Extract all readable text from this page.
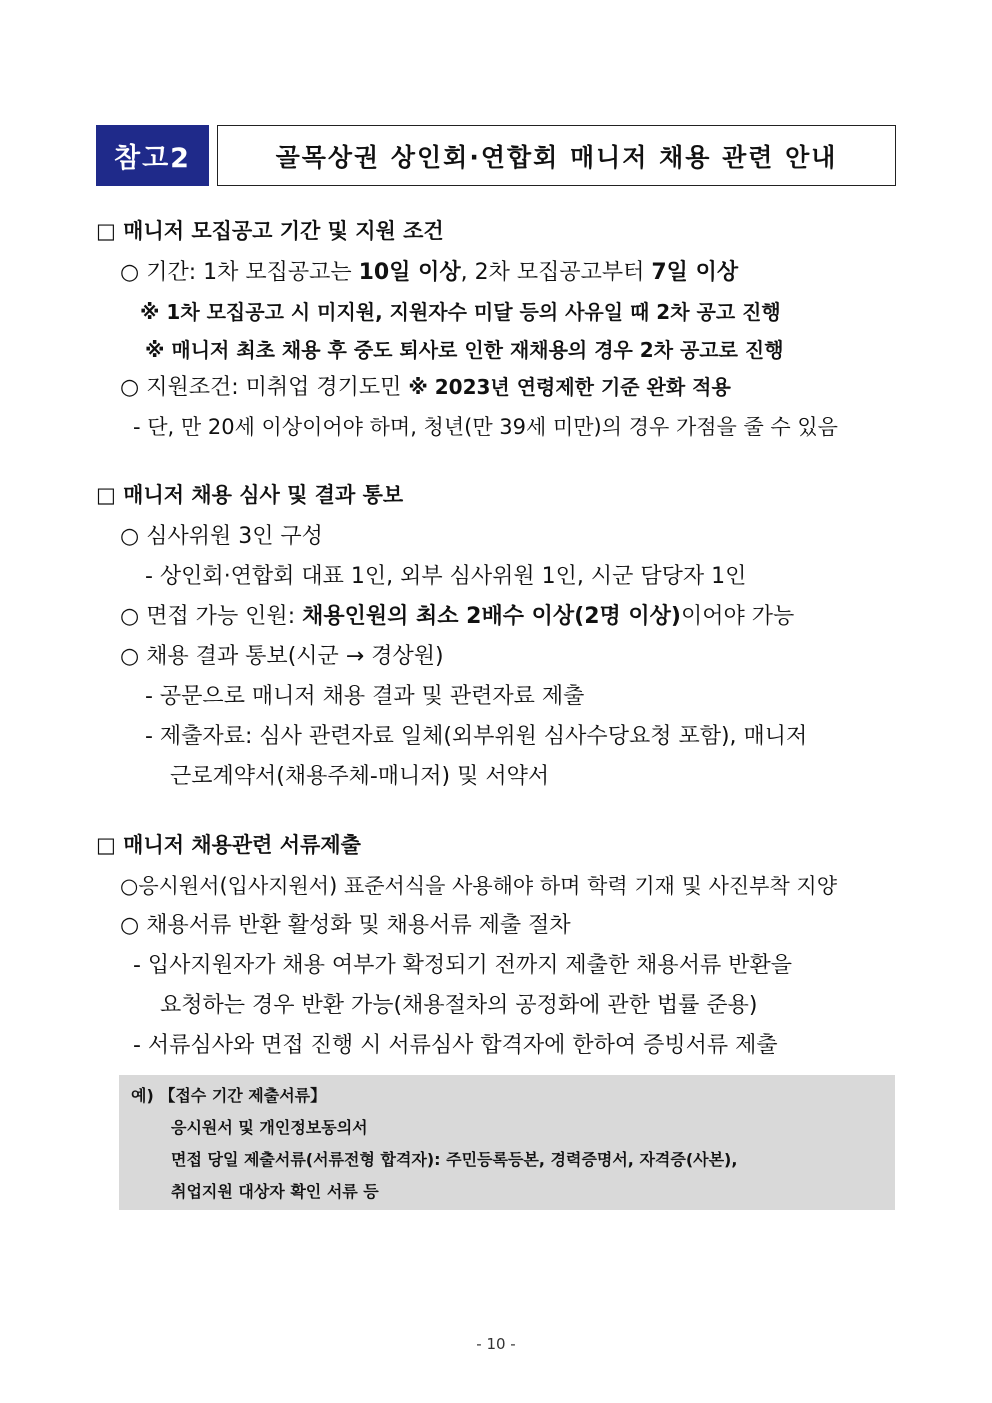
참고2	골목상권 상인회·연합회 매니저 채용 관련 안내
□ 매니저 모집공고 기간 및 지원 조건
○ 기간: 1차 모집공고는 10일 이상, 2차 모집공고부터 7일 이상
※ 1차 모집공고 시 미지원, 지원자수 미달 등의 사유일 때 2차 공고 진행
※ 매니저 최초 채용 후 중도 퇴사로 인한 재채용의 경우 2차 공고로 진행
○ 지원조건: 미취업 경기도민 ※ 2023년 연령제한 기준 완화 적용
- 단, 만 20세 이상이어야 하며, 청년(만 39세 미만)의 경우 가점을 줄 수 있음
□ 매니저 채용 심사 및 결과 통보
○ 심사위원 3인 구성
- 상인회·연합회 대표 1인, 외부 심사위원 1인, 시군 담당자 1인
○ 면접 가능 인원: 채용인원의 최소 2배수 이상(2명 이상)이어야 가능
○ 채용 결과 통보(시군 → 경상원)
- 공문으로 매니저 채용 결과 및 관련자료 제출
- 제출자료: 심사 관련자료 일체(외부위원 심사수당요청 포함), 매니저
근로계약서(채용주체-매니저) 및 서약서
□ 매니저 채용관련 서류제출
○응시원서(입사지원서) 표준서식을 사용해야 하며 학력 기재 및 사진부착 지양
○ 채용서류 반환 활성화 및 채용서류 제출 절차
- 입사지원자가 채용 여부가 확정되기 전까지 제출한 채용서류 반환을
요청하는 경우 반환 가능(채용절차의 공정화에 관한 법률 준용)
- 서류심사와 면접 진행 시 서류심사 합격자에 한하여 증빙서류 제출
예) 【접수 기간 제출서류】
응시원서 및 개인정보동의서
면접 당일 제출서류(서류전형 합격자): 주민등록등본, 경력증명서, 자격증(사본),
취업지원 대상자 확인 서류 등
- 10 -
